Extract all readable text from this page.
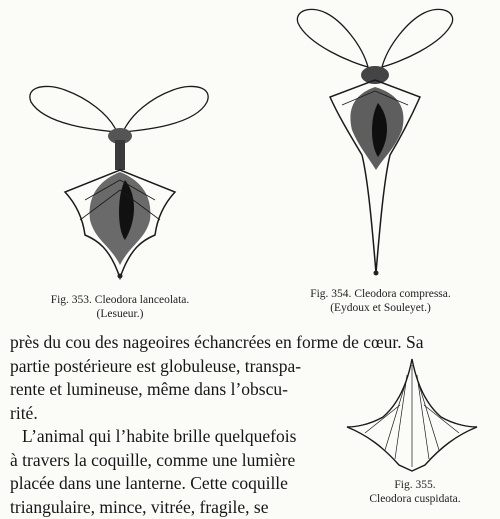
Fig. 353. Cleodora lanceolata.
(Lesueur.)
Fig. 354. Cleodora compressa.
(Eydoux et Souleyet.)
Fig. 355.
Cleodora cuspidata.

près du cou des nageoires échancrées en forme de cœur. Sa

partie postérieure est globuleuse, transpa-

rente et lumineuse, même dans l’obscu-

rité.

L’animal qui l’habite brille quelquefois

à travers la coquille, comme une lumière

placée dans une lanterne. Cette coquille

triangulaire, mince, vitrée, fragile, se
